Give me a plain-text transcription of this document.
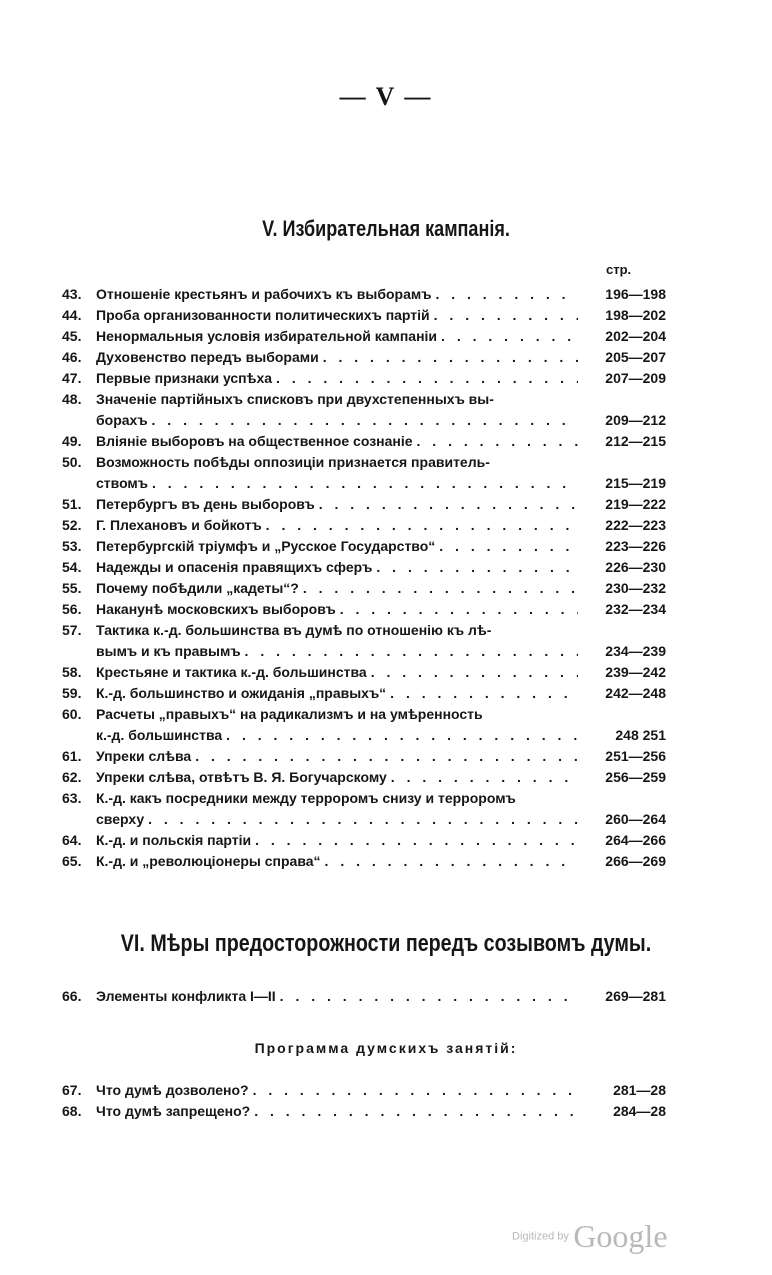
— V —
V. Избирательная кампанія.
стр.
43.	Отношеніе крестьянъ и рабочихъ къ выборамъ . . .	196—198
44.	Проба организованности политическихъ партій . . .	198—202
45.	Ненормальныя условія избирательной кампаніи . . .	202—204
46.	Духовенство передъ выборами . . .	205—207
47.	Первые признаки успѣха . . .	207—209
48.	Значеніе партійныхъ списковъ при двухстепенныхъ вы-
борахъ . . .	209—212
49.	Вліяніе выборовъ на общественное сознаніе . . .	212—215
50.	Возможность побѣды оппозиціи признается правитель-
ствомъ . . .	215—219
51.	Петербургъ въ день выборовъ . . .	219—222
52.	Г. Плехановъ и бойкотъ . . .	222—223
53.	Петербургскій тріумфъ и „Русское Государство“ . . .	223—226
54.	Надежды и опасенія правящихъ сферъ . . .	226—230
55.	Почему побѣдили „кадеты“? . . .	230—232
56.	Наканунѣ московскихъ выборовъ . . .	232—234
57.	Тактика к.-д. большинства въ думѣ по отношенію къ лѣ-
вымъ и къ правымъ . . .	234—239
58.	Крестьяне и тактика к.-д. большинства . . .	239—242
59.	К.-д. большинство и ожиданія „правыхъ“ . . .	242—248
60.	Расчеты „правыхъ“ на радикализмъ и на умѣренность
к.-д. большинства . . .	248 251
61.	Упреки слѣва . . .	251—256
62.	Упреки слѣва, отвѣтъ В. Я. Богучарскому . . .	256—259
63.	К.-д. какъ посредники между терроромъ снизу и терроромъ
сверху . . .	260—264
64.	К.-д. и польскія партіи . . .	264—266
65.	К.-д. и „революціонеры справа“ . . .	266—269
VI. Мѣры предосторожности передъ созывомъ думы.
66.	Элементы конфликта I—II . . .	269—281
Программа думскихъ занятій:
67.	Что думѣ дозволено? . . .	281—28
68.	Что думѣ запрещено? . . .	284—28
Digitized by Google
